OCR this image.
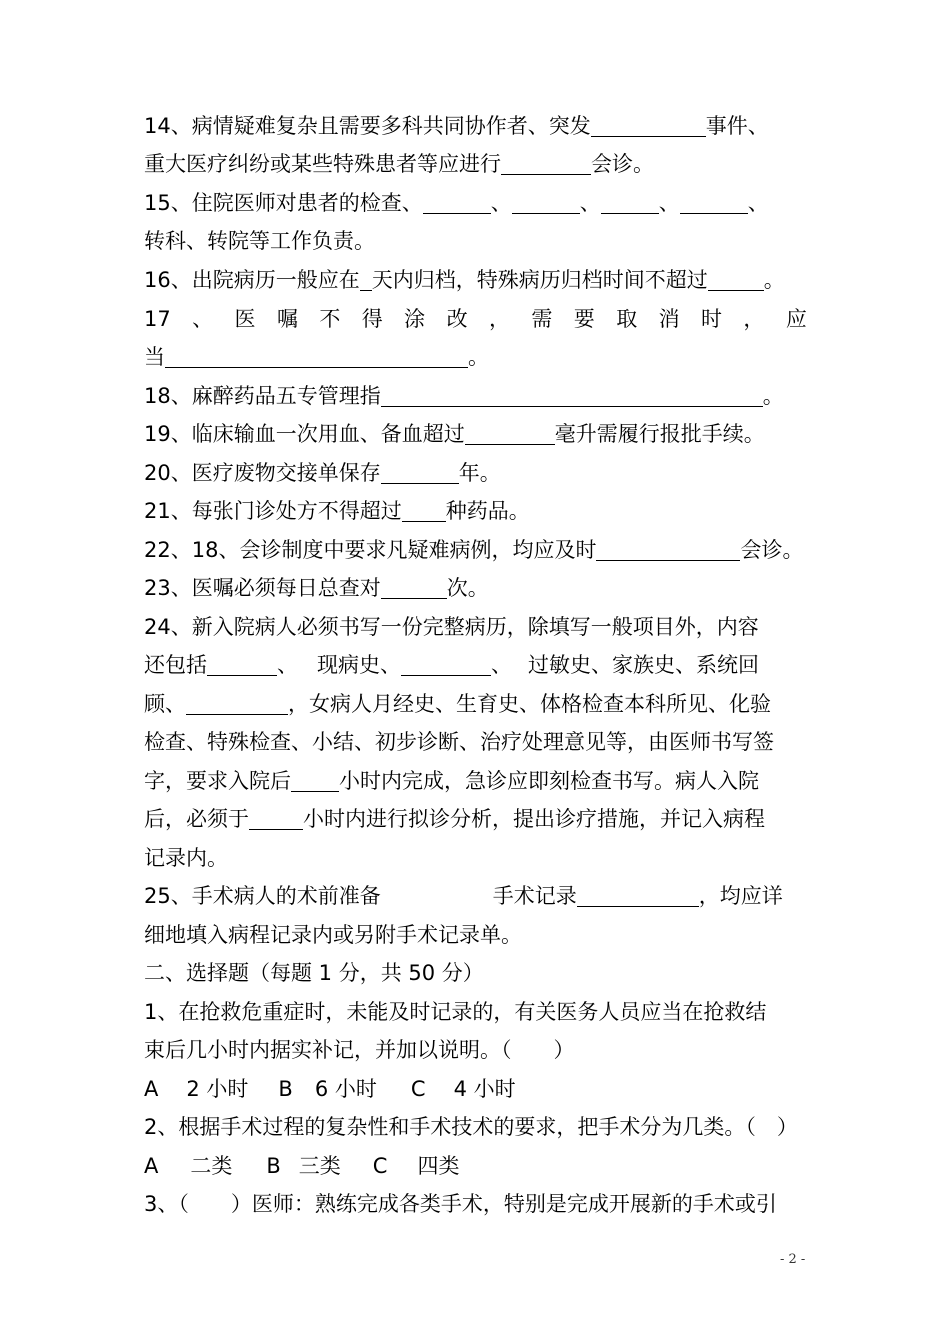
14、病情疑难复杂且需要多科共同协作者、突发	事件、
重大医疗纠纷或某些特殊患者等应进行	会诊。
15、住院医师对患者的检查、	、	、	、	、
转科、转院等工作负责。
16、出院病历一般应在 天内归档，特殊病历归档时间不超过	。
17 、 医 嘱 不 得 涂 改 ， 需 要 取 消 时 ， 应
当	。
18、麻醉药品五专管理指	。
19、临床输血一次用血、备血超过	毫升需履行报批手续。
20、医疗废物交接单保存	年。
21、每张门诊处方不得超过 种药品。
22、18、会诊制度中要求凡疑难病例，均应及时	会诊。
23、医嘱必须每日总查对	次。
24、新入院病人必须书写一份完整病历，除填写一般项目外，内容
还包括	、 现病史、	、 过敏史、家族史、系统回
顾、	，女病人月经史、生育史、体格检查本科所见、化验
检查、特殊检查、小结、初步诊断、治疗处理意见等，由医师书写签
字，要求入院后 小时内完成，急诊应即刻检查书写。病人入院
后，必须于	小时内进行拟诊分析，提出诊疗措施，并记入病程
记录内。
25、手术病人的术前准备	手术记录	，均应详
细地填入病程记录内或另附手术记录单。
二、选择题（每题 1 分，共 50 分）
1、在抢救危重症时，未能及时记录的，有关医务人员应当在抢救结
束后几小时内据实补记，并加以说明。（　　）
A 2 小时 B 6 小时 C 4 小时
2、根据手术过程的复杂性和手术技术的要求，把手术分为几类。（　）
A 二类 B 三类 C 四类
3、（　　）医师：熟练完成各类手术，特别是完成开展新的手术或引
- 2 -
